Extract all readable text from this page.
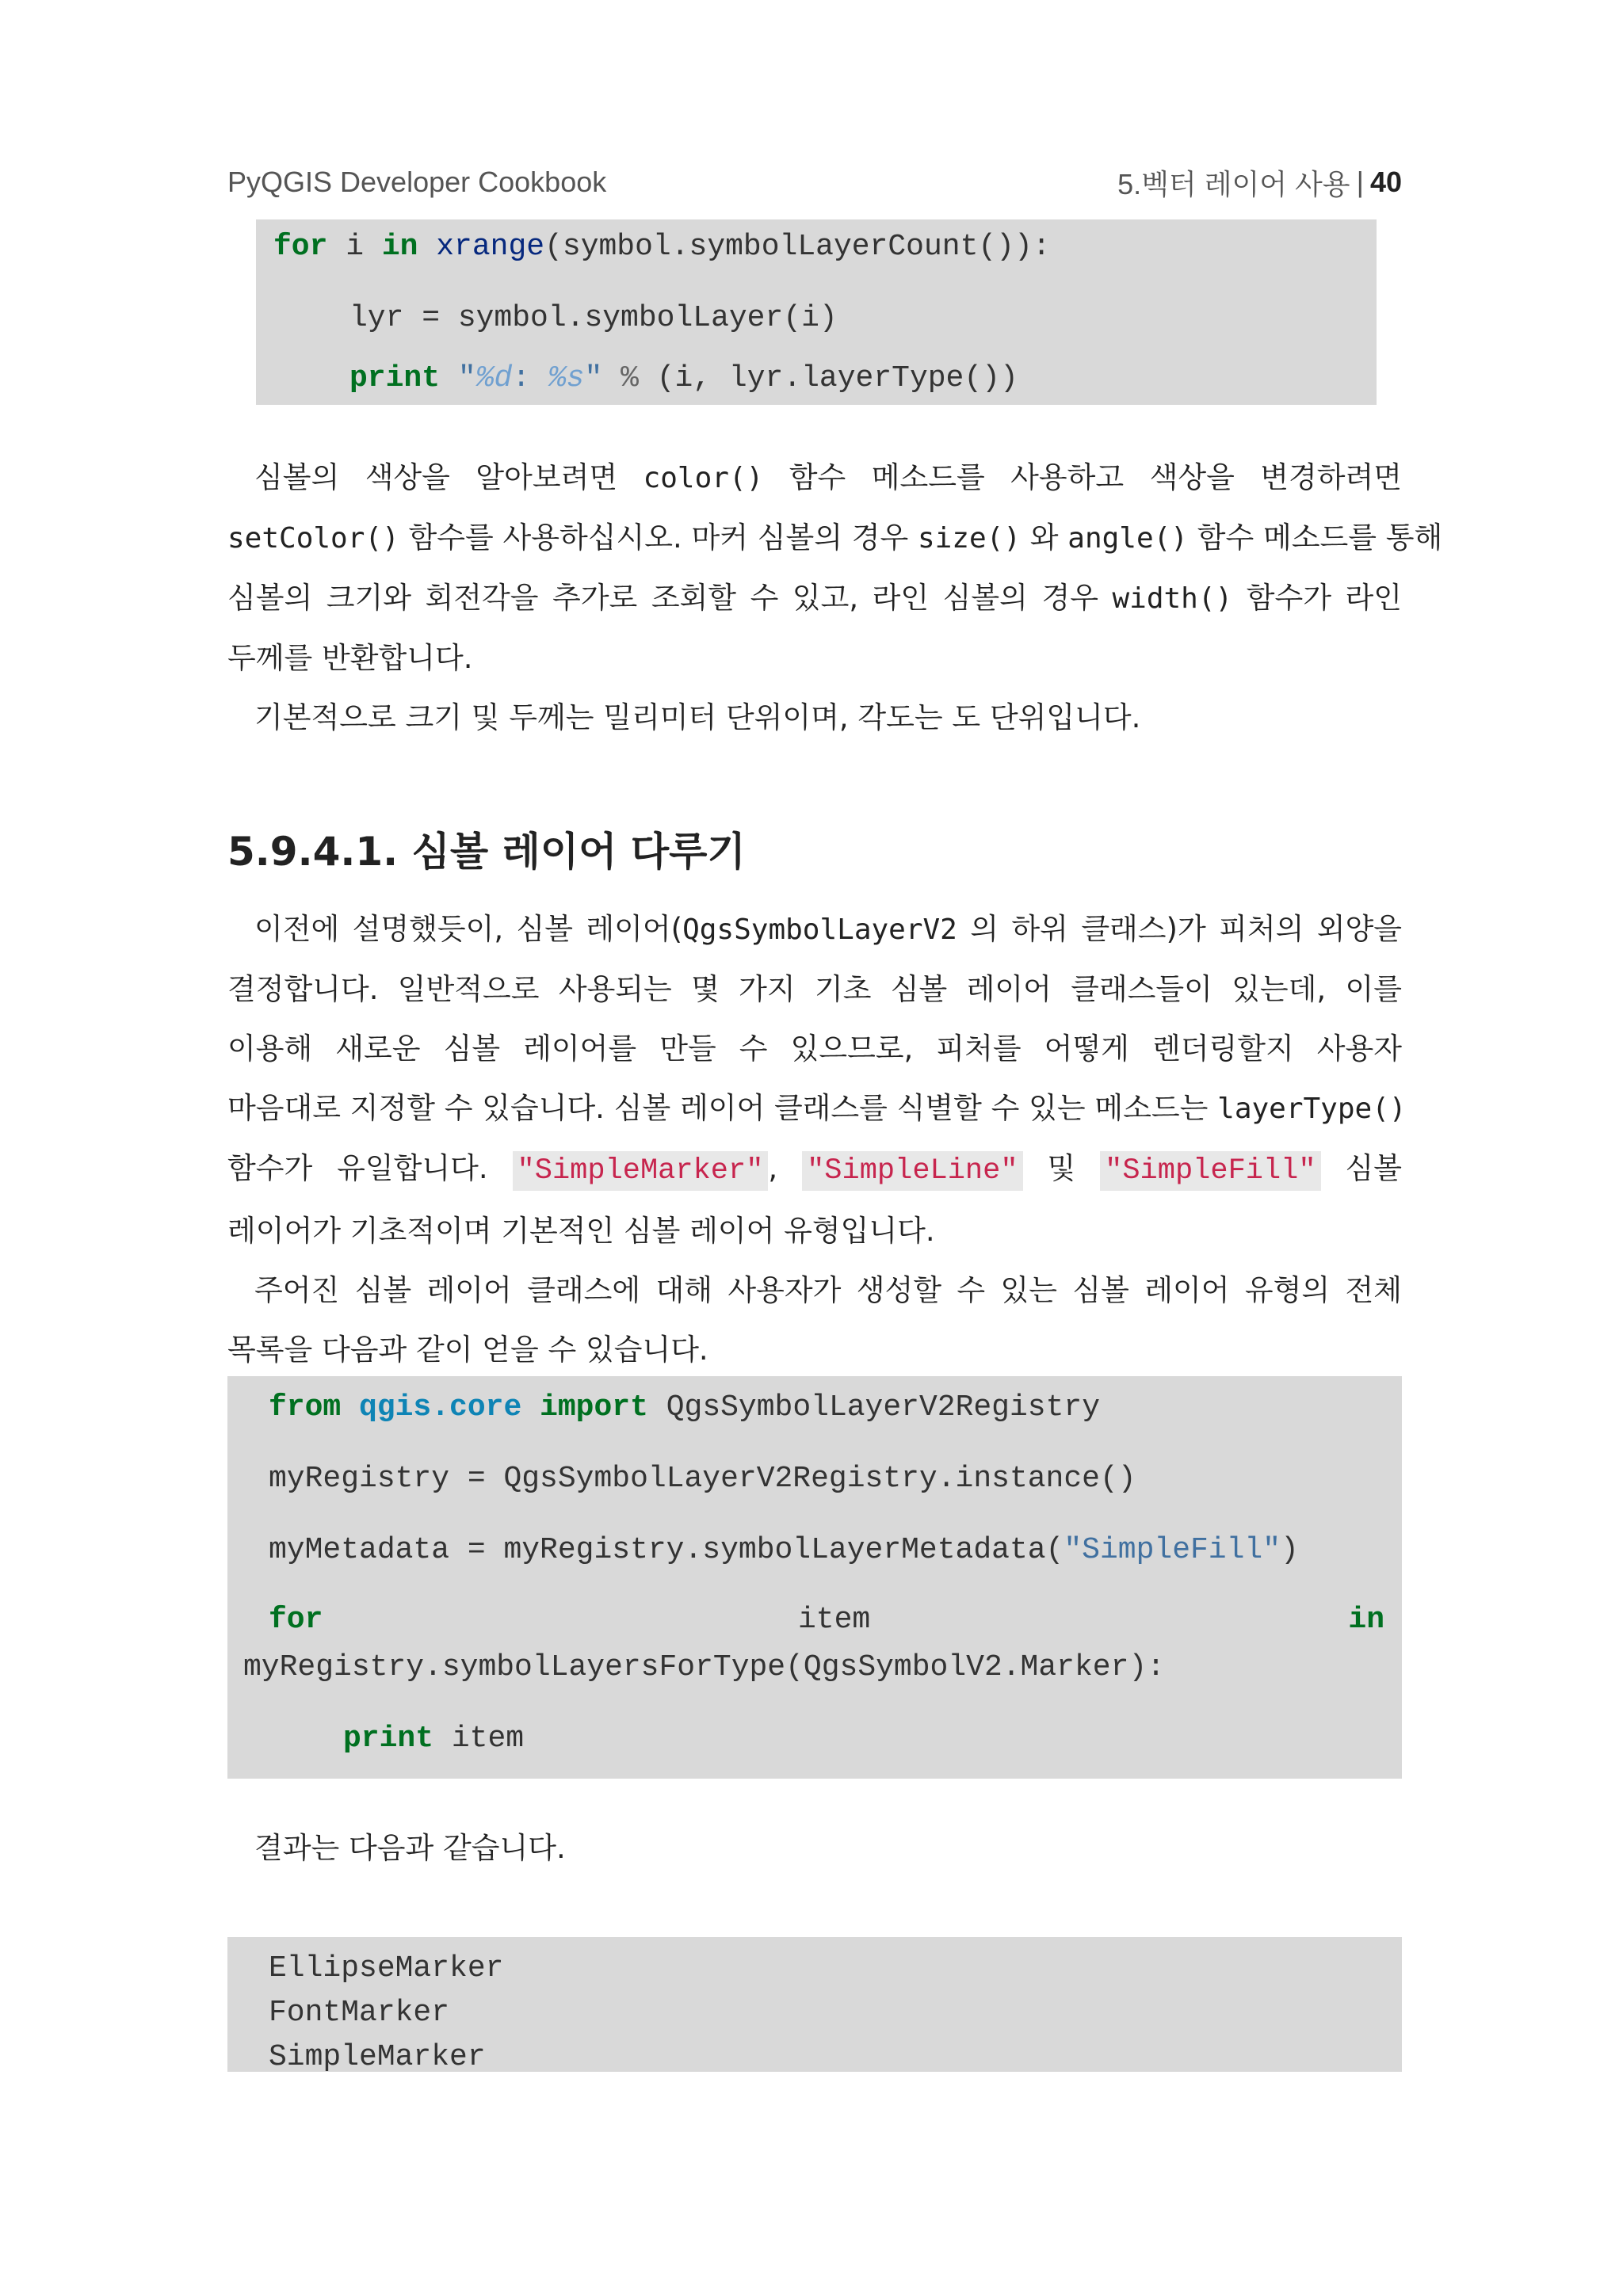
PyQGIS Developer Cookbook	5.벡터 레이어 사용 | 40
for i in xrange(symbol.symbolLayerCount()):
lyr = symbol.symbolLayer(i)
print "%d: %s" % (i, lyr.layerType())
심볼의 색상을 알아보려면 color() 함수 메소드를 사용하고 색상을 변경하려면
setColor() 함수를 사용하십시오. 마커 심볼의 경우 size() 와 angle() 함수 메소드를 통해
심볼의 크기와 회전각을 추가로 조회할 수 있고, 라인 심볼의 경우 width() 함수가 라인
두께를 반환합니다.
기본적으로 크기 및 두께는 밀리미터 단위이며, 각도는 도 단위입니다.
5.9.4.1. 심볼 레이어 다루기
이전에 설명했듯이, 심볼 레이어(QgsSymbolLayerV2 의 하위 클래스)가 피처의 외양을
결정합니다. 일반적으로 사용되는 몇 가지 기초 심볼 레이어 클래스들이 있는데, 이를
이용해 새로운 심볼 레이어를 만들 수 있으므로, 피처를 어떻게 렌더링할지 사용자
마음대로 지정할 수 있습니다. 심볼 레이어 클래스를 식별할 수 있는 메소드는 layerType()
함수가 유일합니다. "SimpleMarker" , "SimpleLine" 및 "SimpleFill" 심볼
레이어가 기초적이며 기본적인 심볼 레이어 유형입니다.
주어진 심볼 레이어 클래스에 대해 사용자가 생성할 수 있는 심볼 레이어 유형의 전체
목록을 다음과 같이 얻을 수 있습니다.
from qgis.core import QgsSymbolLayerV2Registry
myRegistry = QgsSymbolLayerV2Registry.instance()
myMetadata = myRegistry.symbolLayerMetadata("SimpleFill")
for	item	in
myRegistry.symbolLayersForType(QgsSymbolV2.Marker):
print item
결과는 다음과 같습니다.
EllipseMarker
FontMarker
SimpleMarker
